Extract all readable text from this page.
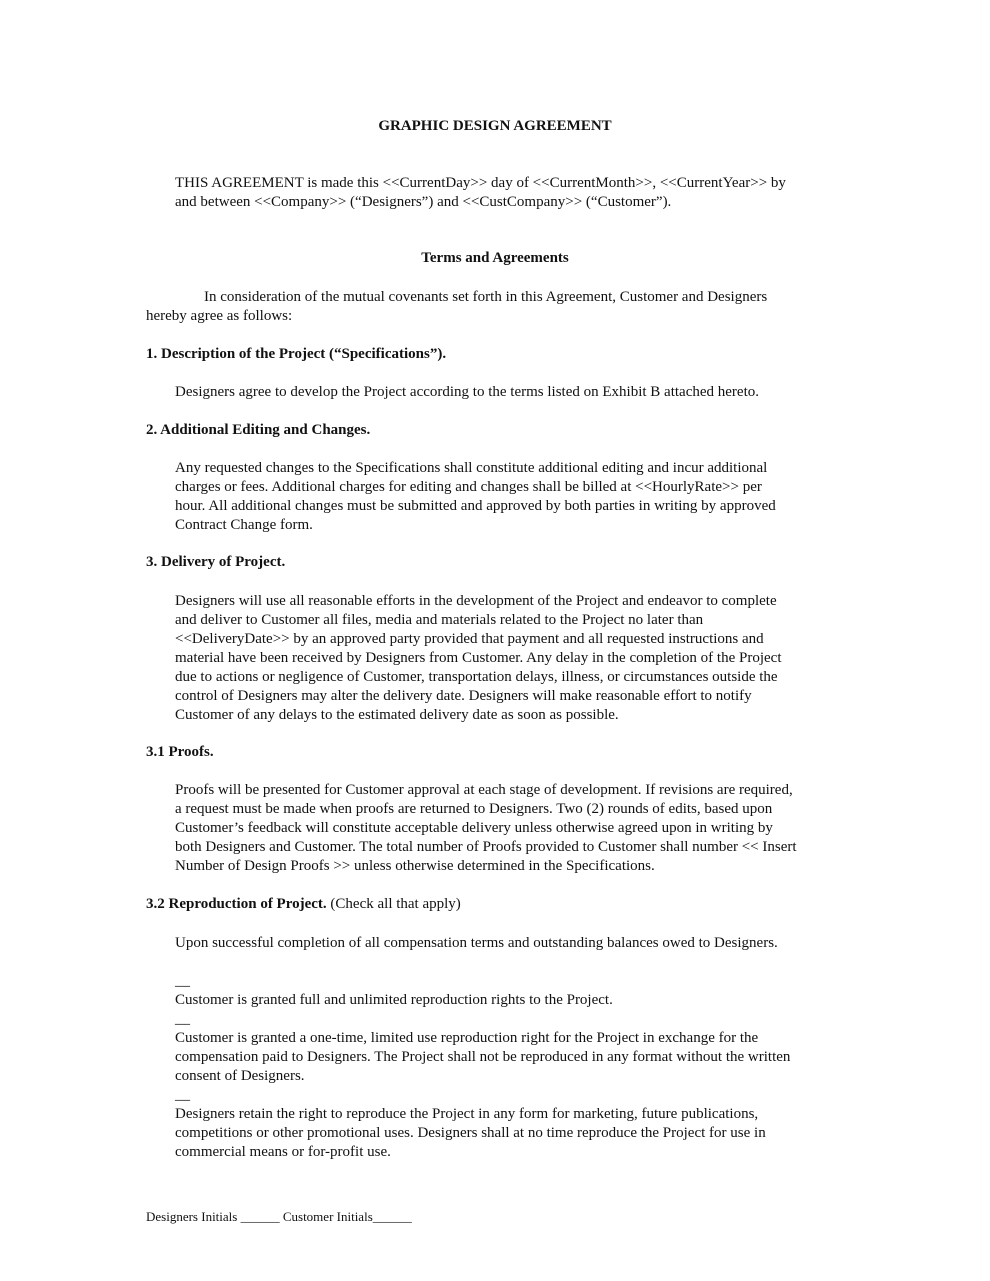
GRAPHIC DESIGN AGREEMENT

THIS AGREEMENT is made this <<CurrentDay>> day of <<CurrentMonth>>, <<CurrentYear>> by
and between <<Company>> (“Designers”) and <<CustCompany>> (“Customer”).

Terms and Agreements

In consideration of the mutual covenants set forth in this Agreement, Customer and Designers
hereby agree as follows:

1. Description of the Project (“Specifications”).

Designers agree to develop the Project according to the terms listed on Exhibit B attached hereto.

2. Additional Editing and Changes.

Any requested changes to the Specifications shall constitute additional editing and incur additional
charges or fees. Additional charges for editing and changes shall be billed at <<HourlyRate>> per
hour. All additional changes must be submitted and approved by both parties in writing by approved
Contract Change form.

3. Delivery of Project.

Designers will use all reasonable efforts in the development of the Project and endeavor to complete
and deliver to Customer all files, media and materials related to the Project no later than
<<DeliveryDate>> by an approved party provided that payment and all requested instructions and
material have been received by Designers from Customer. Any delay in the completion of the Project
due to actions or negligence of Customer, transportation delays, illness, or circumstances outside the
control of Designers may alter the delivery date. Designers will make reasonable effort to notify
Customer of any delays to the estimated delivery date as soon as possible.

3.1 Proofs.

Proofs will be presented for Customer approval at each stage of development. If revisions are required,
a request must be made when proofs are returned to Designers. Two (2) rounds of edits, based upon
Customer’s feedback will constitute acceptable delivery unless otherwise agreed upon in writing by
both Designers and Customer. The total number of Proofs provided to Customer shall number << Insert
Number of Design Proofs >> unless otherwise determined in the Specifications.

3.2 Reproduction of Project. (Check all that apply)

Upon successful completion of all compensation terms and outstanding balances owed to Designers.
__
Customer is granted full and unlimited reproduction rights to the Project.
__
Customer is granted a one-time, limited use reproduction right for the Project in exchange for the
compensation paid to Designers. The Project shall not be reproduced in any format without the written
consent of Designers.
__
Designers retain the right to reproduce the Project in any form for marketing, future publications,
competitions or other promotional uses. Designers shall at no time reproduce the Project for use in
commercial means or for-profit use.

Designers Initials ______ Customer Initials______
